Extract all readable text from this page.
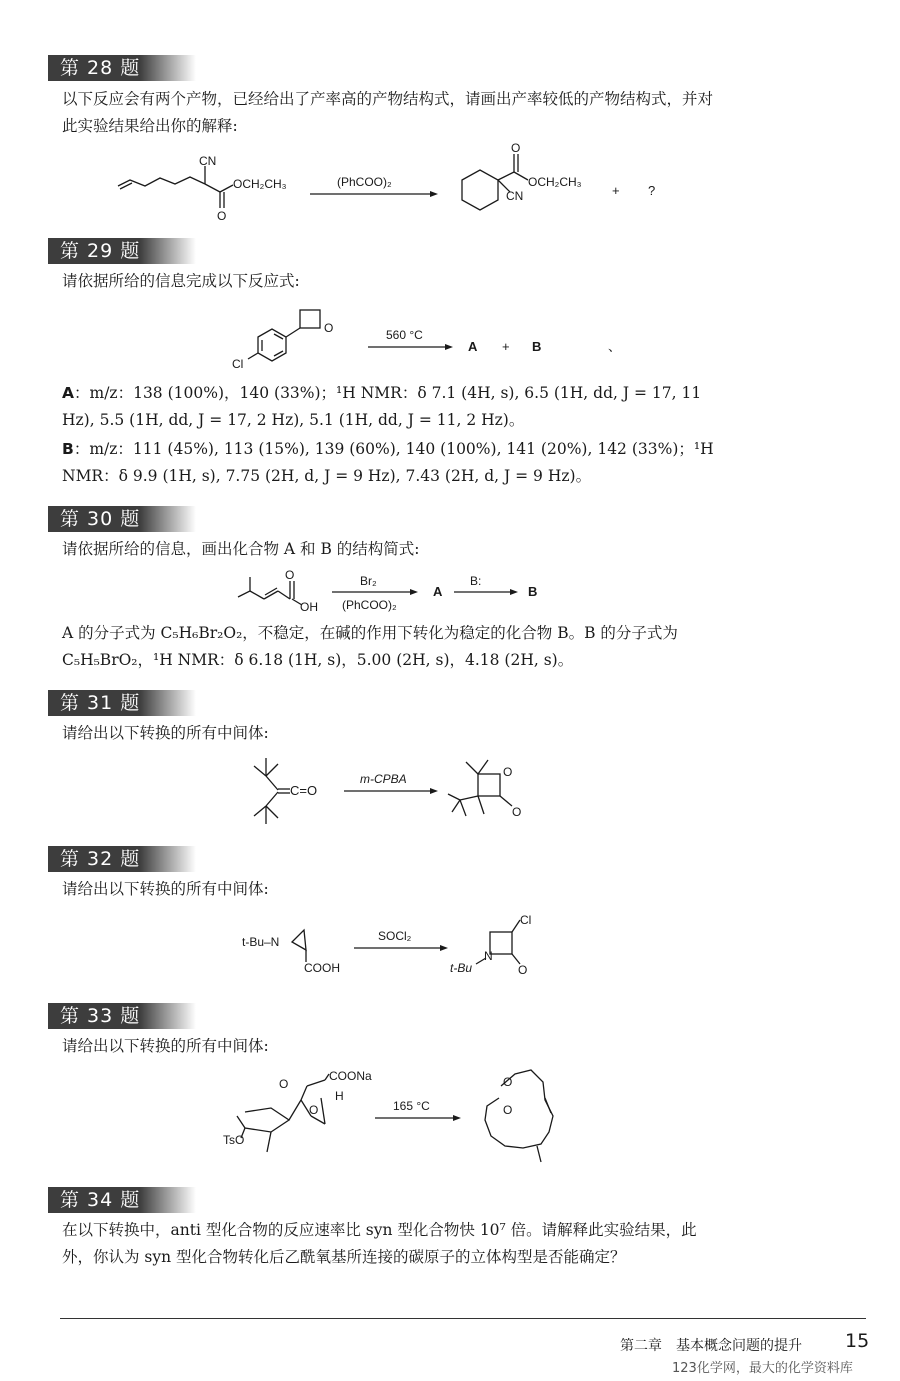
第 28 题

以下反应会有两个产物，已经给出了产率高的产物结构式，请画出产率较低的产物结构式，并对此实验结果给出你的解释:

CN
OCH₂CH₃
O
(PhCOO)₂
O
OCH₂CH₃
CN	+ ?
第 29 题

请依据所给的信息完成以下反应式:

Cl
O	560 °C
A + B	、

A：m/z：138 (100%)，140 (33%)；¹H NMR：δ 7.1 (4H, s), 6.5 (1H, dd, J = 17, 11 Hz), 5.5 (1H, dd, J = 17, 2 Hz), 5.1 (1H, dd, J = 11, 2 Hz)。

B：m/z：111 (45%), 113 (15%), 139 (60%), 140 (100%), 141 (20%), 142 (33%)；¹H NMR：δ 9.9 (1H, s), 7.75 (2H, d, J = 9 Hz), 7.43 (2H, d, J = 9 Hz)。

第 30 题

请依据所给的信息，画出化合物 A 和 B 的结构简式:

O
OH
Br₂
(PhCOO)₂
A
B:
B

A 的分子式为 C₅H₆Br₂O₂，不稳定，在碱的作用下转化为稳定的化合物 B。B 的分子式为 C₅H₅BrO₂，¹H NMR：δ 6.18 (1H, s)，5.00 (2H, s)，4.18 (2H, s)。

第 31 题

请给出以下转换的所有中间体:

C=O
m-CPBA	O
O
第 32 题

请给出以下转换的所有中间体:

t-Bu–N
COOH
SOCl₂
Cl
O
N
t-Bu
第 33 题

请给出以下转换的所有中间体:

O
O
COONa
H
TsO
165 °C
O
O
第 34 题

在以下转换中，anti 型化合物的反应速率比 syn 型化合物快 10⁷ 倍。请解释此实验结果，此外，你认为 syn 型化合物转化后乙酰氧基所连接的碳原子的立体构型是否能确定？

第二章　基本概念问题的提升 15
123化学网，最大的化学资料库
